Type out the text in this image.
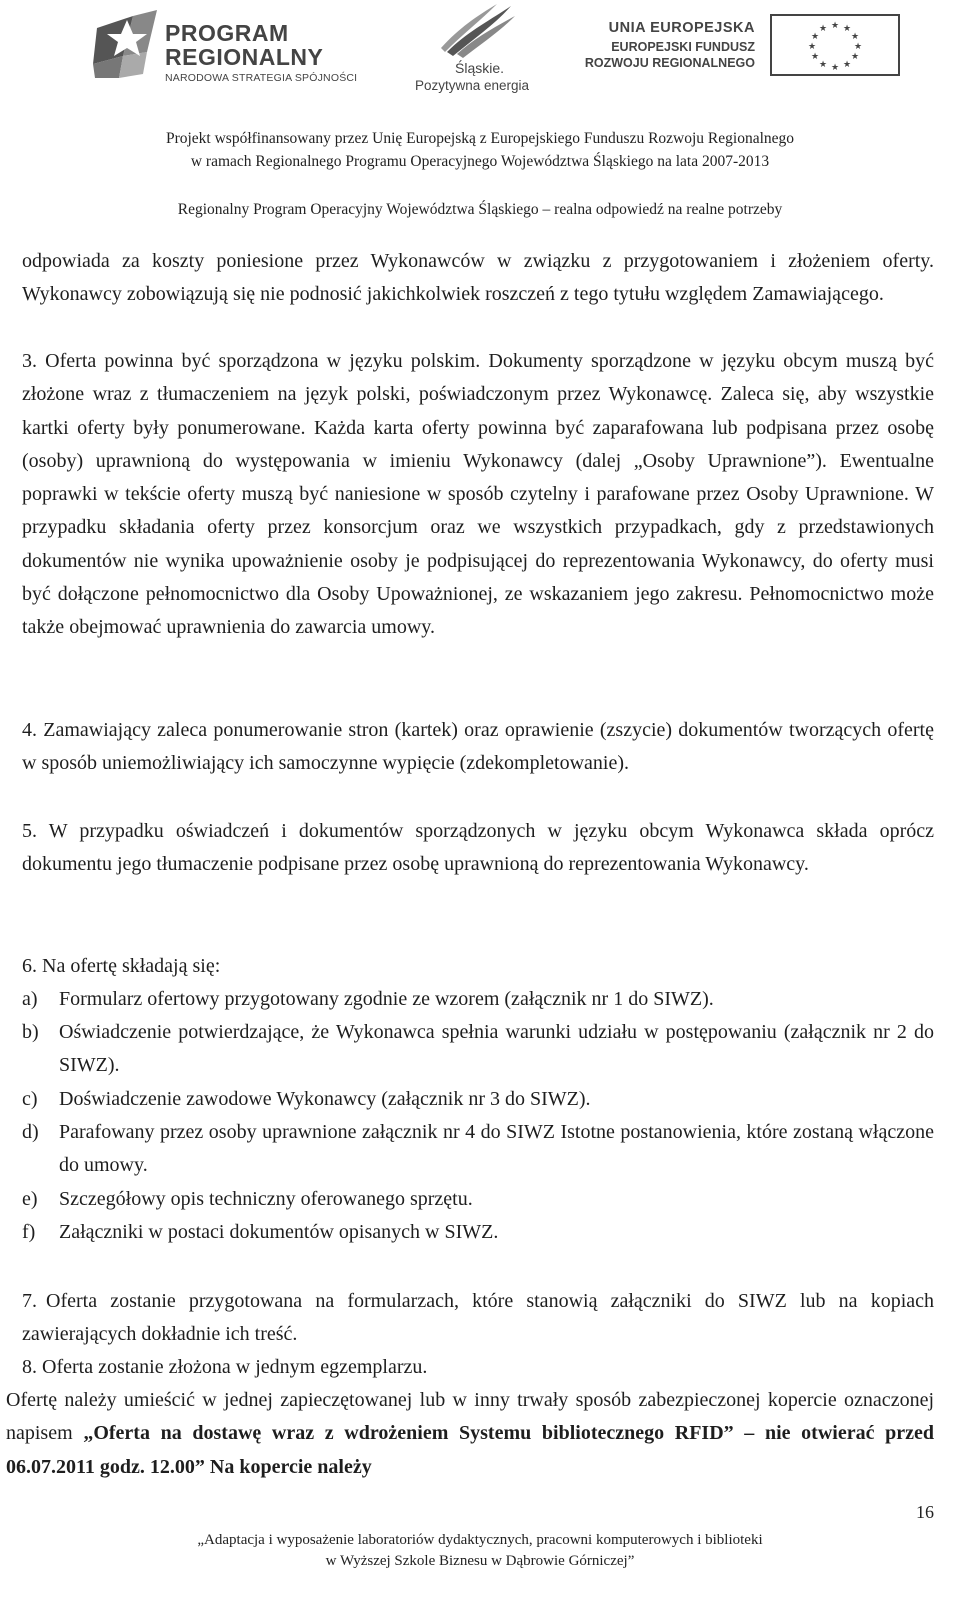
PROGRAM
REGIONALNY
NARODOWA STRATEGIA SPÓJNOŚCI
Śląskie.
Pozytywna energia
UNIA EUROPEJSKA
EUROPEJSKI FUNDUSZ
ROZWOJU REGIONALNEGO
★ ★
★
★
★
★
★
★
★
★
★
★
Projekt współfinansowany przez Unię Europejską z Europejskiego Funduszu Rozwoju Regionalnego
w ramach Regionalnego Programu Operacyjnego Województwa Śląskiego na lata 2007-2013
Regionalny Program Operacyjny Województwa Śląskiego – realna odpowiedź na realne potrzeby
odpowiada za koszty poniesione przez Wykonawców w związku z przygotowaniem i złożeniem oferty. Wykonawcy zobowiązują się nie podnosić jakichkolwiek roszczeń z tego tytułu względem Zamawiającego.
3. Oferta powinna być sporządzona w języku polskim. Dokumenty sporządzone w języku obcym muszą być złożone wraz z tłumaczeniem na język polski, poświadczonym przez Wykonawcę. Zaleca się, aby wszystkie kartki oferty były ponumerowane. Każda karta oferty powinna być zaparafowana lub podpisana przez osobę (osoby) uprawnioną do występowania w imieniu Wykonawcy (dalej „Osoby Uprawnione”). Ewentualne poprawki w tekście oferty muszą być naniesione w sposób czytelny i parafowane przez Osoby Uprawnione. W przypadku składania oferty przez konsorcjum oraz we wszystkich przypadkach, gdy z przedstawionych dokumentów nie wynika upoważnienie osoby je podpisującej do reprezentowania Wykonawcy, do oferty musi być dołączone pełnomocnictwo dla Osoby Upoważnionej, ze wskazaniem jego zakresu. Pełnomocnictwo może także obejmować uprawnienia do zawarcia umowy.
4. Zamawiający zaleca ponumerowanie stron (kartek) oraz oprawienie (zszycie) dokumentów tworzących ofertę w sposób uniemożliwiający ich samoczynne wypięcie (zdekompletowanie).
5. W przypadku oświadczeń i dokumentów sporządzonych w języku obcym Wykonawca składa oprócz dokumentu jego tłumaczenie podpisane przez osobę uprawnioną do reprezentowania Wykonawcy.
6. Na ofertę składają się:
a) Formularz ofertowy przygotowany zgodnie ze wzorem (załącznik nr 1 do SIWZ).
b) Oświadczenie potwierdzające, że Wykonawca spełnia warunki udziału w postępowaniu (załącznik nr 2 do SIWZ).
c) Doświadczenie zawodowe Wykonawcy (załącznik nr 3 do SIWZ).
d) Parafowany przez osoby uprawnione załącznik nr 4 do SIWZ Istotne postanowienia, które zostaną włączone do umowy.
e) Szczegółowy opis techniczny oferowanego sprzętu.
f) Załączniki w postaci dokumentów opisanych w SIWZ.
7. Oferta zostanie przygotowana na formularzach, które stanowią załączniki do SIWZ lub na kopiach zawierających dokładnie ich treść.
8. Oferta zostanie złożona w jednym egzemplarzu.
Ofertę należy umieścić w jednej zapieczętowanej lub w inny trwały sposób zabezpieczonej kopercie oznaczonej napisem „Oferta na dostawę wraz z wdrożeniem Systemu bibliotecznego RFID” – nie otwierać przed 06.07.2011 godz. 12.00” Na kopercie należy
16
„Adaptacja i wyposażenie laboratoriów dydaktycznych, pracowni komputerowych i biblioteki
w Wyższej Szkole Biznesu w Dąbrowie Górniczej”
